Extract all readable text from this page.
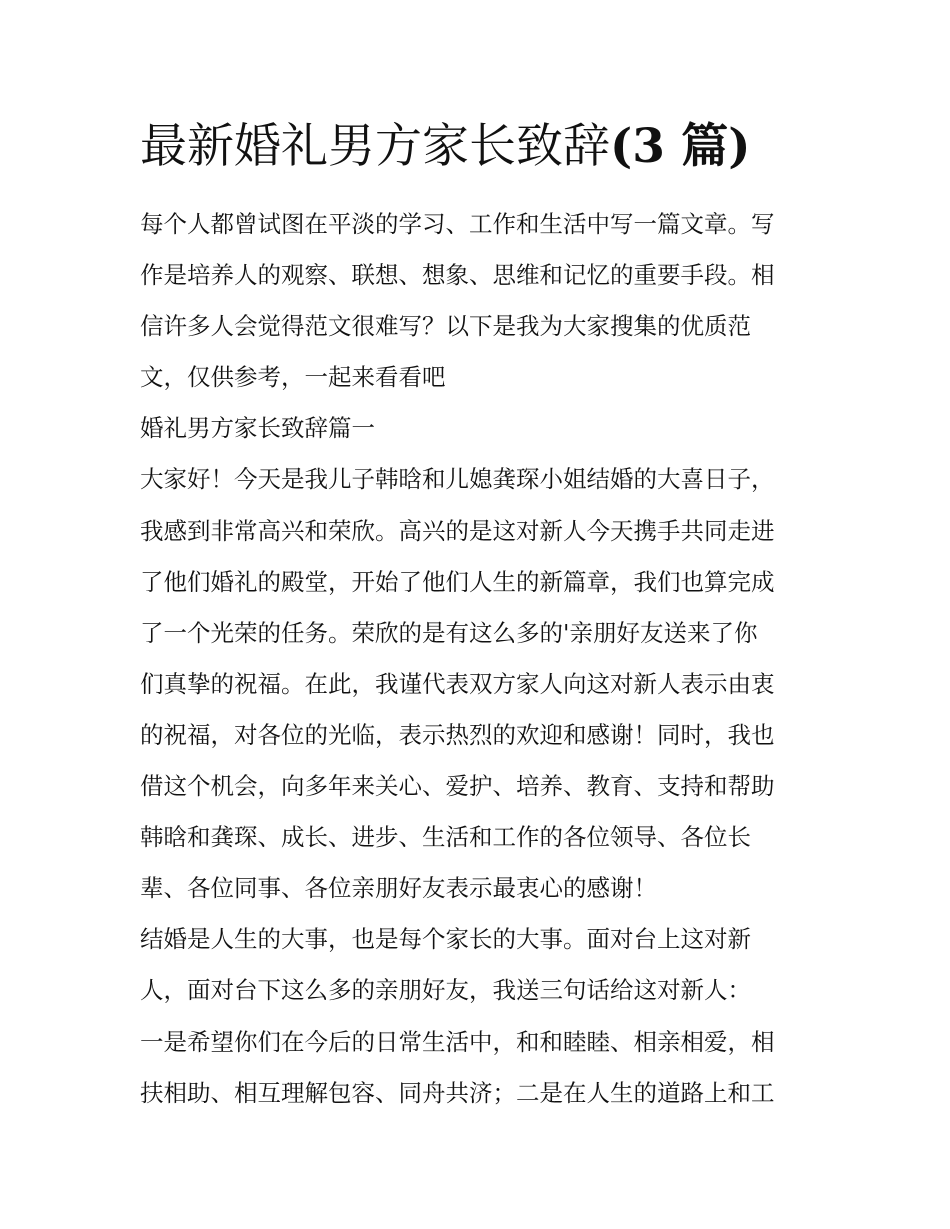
最新婚礼男方家长致辞(3 篇)

每个人都曾试图在平淡的学习、工作和生活中写一篇文章。写

作是培养人的观察、联想、想象、思维和记忆的重要手段。相

信许多人会觉得范文很难写？以下是我为大家搜集的优质范

文，仅供参考，一起来看看吧

婚礼男方家长致辞篇一

大家好！今天是我儿子韩晗和儿媳龚琛小姐结婚的大喜日子，

我感到非常高兴和荣欣。高兴的是这对新人今天携手共同走进

了他们婚礼的殿堂，开始了他们人生的新篇章，我们也算完成

了一个光荣的任务。荣欣的是有这么多的'亲朋好友送来了你

们真挚的祝福。在此，我谨代表双方家人向这对新人表示由衷

的祝福，对各位的光临，表示热烈的欢迎和感谢！同时，我也

借这个机会，向多年来关心、爱护、培养、教育、支持和帮助

韩晗和龚琛、成长、进步、生活和工作的各位领导、各位长

辈、各位同事、各位亲朋好友表示最衷心的感谢！

结婚是人生的大事，也是每个家长的大事。面对台上这对新

人，面对台下这么多的亲朋好友，我送三句话给这对新人：

一是希望你们在今后的日常生活中，和和睦睦、相亲相爱，相

扶相助、相互理解包容、同舟共济；二是在人生的道路上和工
